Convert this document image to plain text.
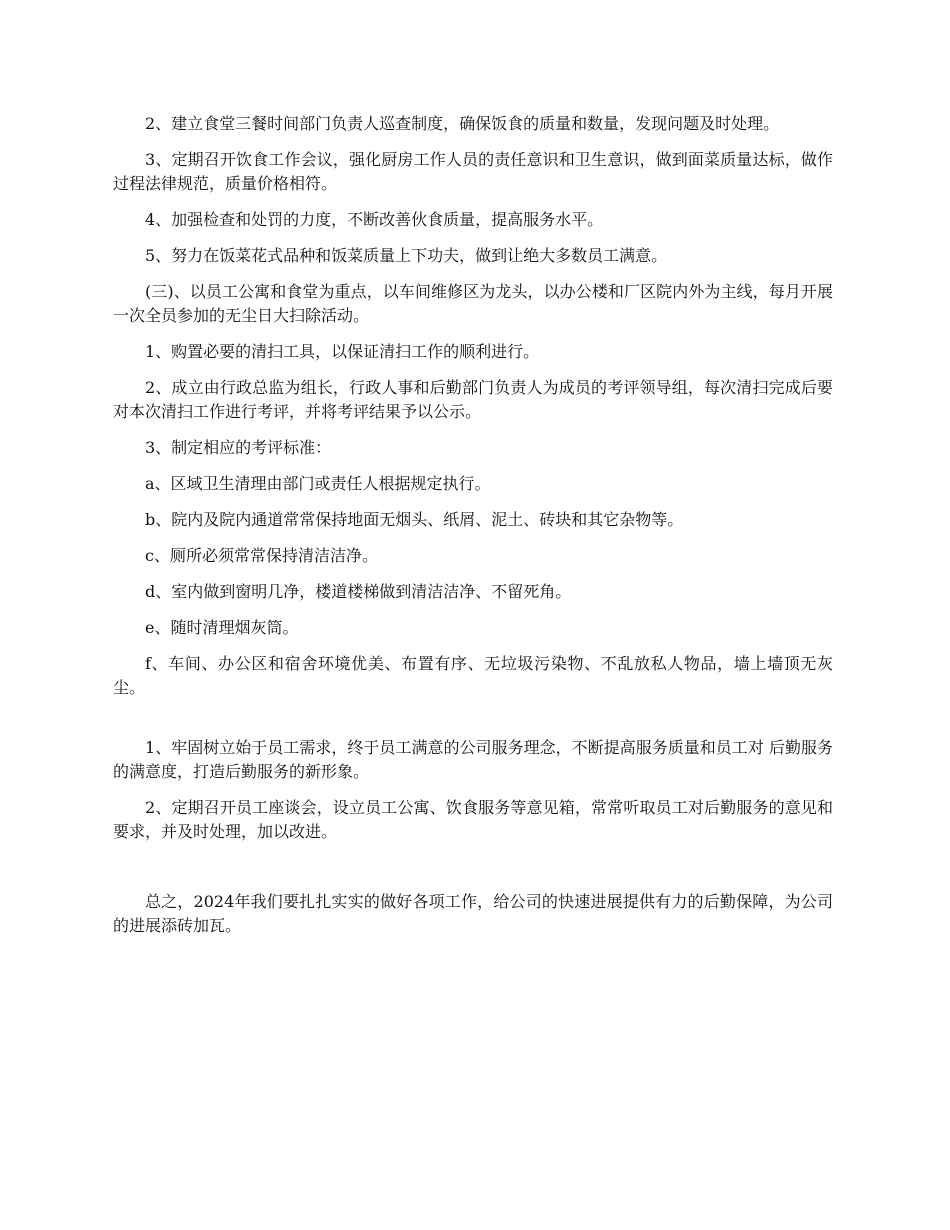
2、建立食堂三餐时间部门负责人巡查制度，确保饭食的质量和数量，发现问题及时处理。

3、定期召开饮食工作会议，强化厨房工作人员的责任意识和卫生意识，做到面菜质量达标，做作过程法律规范，质量价格相符。

4、加强检查和处罚的力度，不断改善伙食质量，提高服务水平。

5、努力在饭菜花式品种和饭菜质量上下功夫，做到让绝大多数员工满意。

(三)、以员工公寓和食堂为重点，以车间维修区为龙头，以办公楼和厂区院内外为主线，每月开展一次全员参加的无尘日大扫除活动。

1、购置必要的清扫工具，以保证清扫工作的顺利进行。

2、成立由行政总监为组长，行政人事和后勤部门负责人为成员的考评领导组，每次清扫完成后要对本次清扫工作进行考评，并将考评结果予以公示。

3、制定相应的考评标准：

a、区域卫生清理由部门或责任人根据规定执行。

b、院内及院内通道常常保持地面无烟头、纸屑、泥土、砖块和其它杂物等。

c、厕所必须常常保持清洁洁净。

d、室内做到窗明几净，楼道楼梯做到清洁洁净、不留死角。

e、随时清理烟灰筒。

f、车间、办公区和宿舍环境优美、布置有序、无垃圾污染物、不乱放私人物品，墙上墙顶无灰尘。

1、牢固树立始于员工需求，终于员工满意的公司服务理念，不断提高服务质量和员工对 后勤服务的满意度，打造后勤服务的新形象。

2、定期召开员工座谈会，设立员工公寓、饮食服务等意见箱，常常听取员工对后勤服务的意见和要求，并及时处理，加以改进。

总之，2024年我们要扎扎实实的做好各项工作，给公司的快速进展提供有力的后勤保障，为公司的进展添砖加瓦。
